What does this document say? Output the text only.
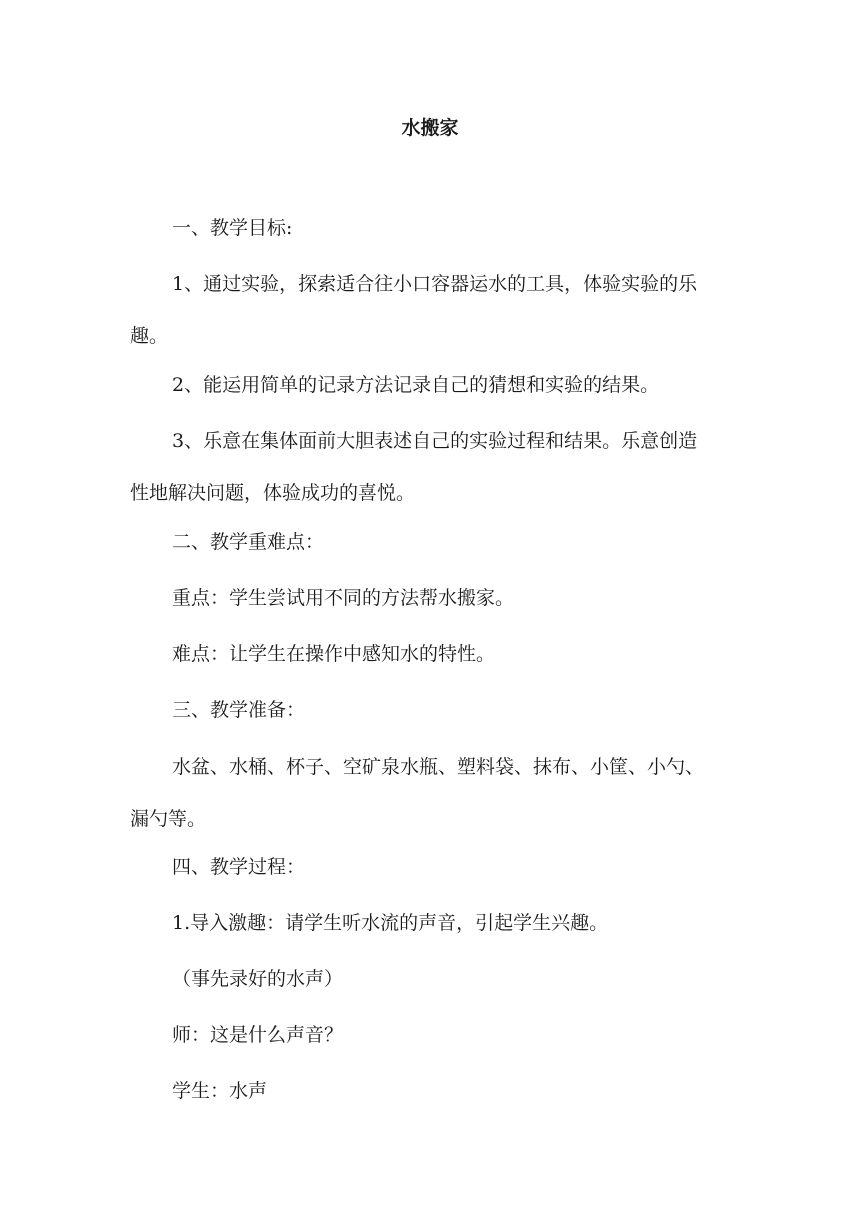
水搬家

一、教学目标:

1、通过实验，探索适合往小口容器运水的工具，体验实验的乐
趣。

2、能运用简单的记录方法记录自己的猜想和实验的结果。

3、乐意在集体面前大胆表述自己的实验过程和结果。乐意创造
性地解决问题，体验成功的喜悦。

二、教学重难点：

重点：学生尝试用不同的方法帮水搬家。

难点：让学生在操作中感知水的特性。

三、教学准备：

水盆、水桶、杯子、空矿泉水瓶、塑料袋、抹布、小筐、小勺、
漏勺等。

四、教学过程：

1.导入激趣：请学生听水流的声音，引起学生兴趣。

（事先录好的水声）

师：这是什么声音？

学生：水声
